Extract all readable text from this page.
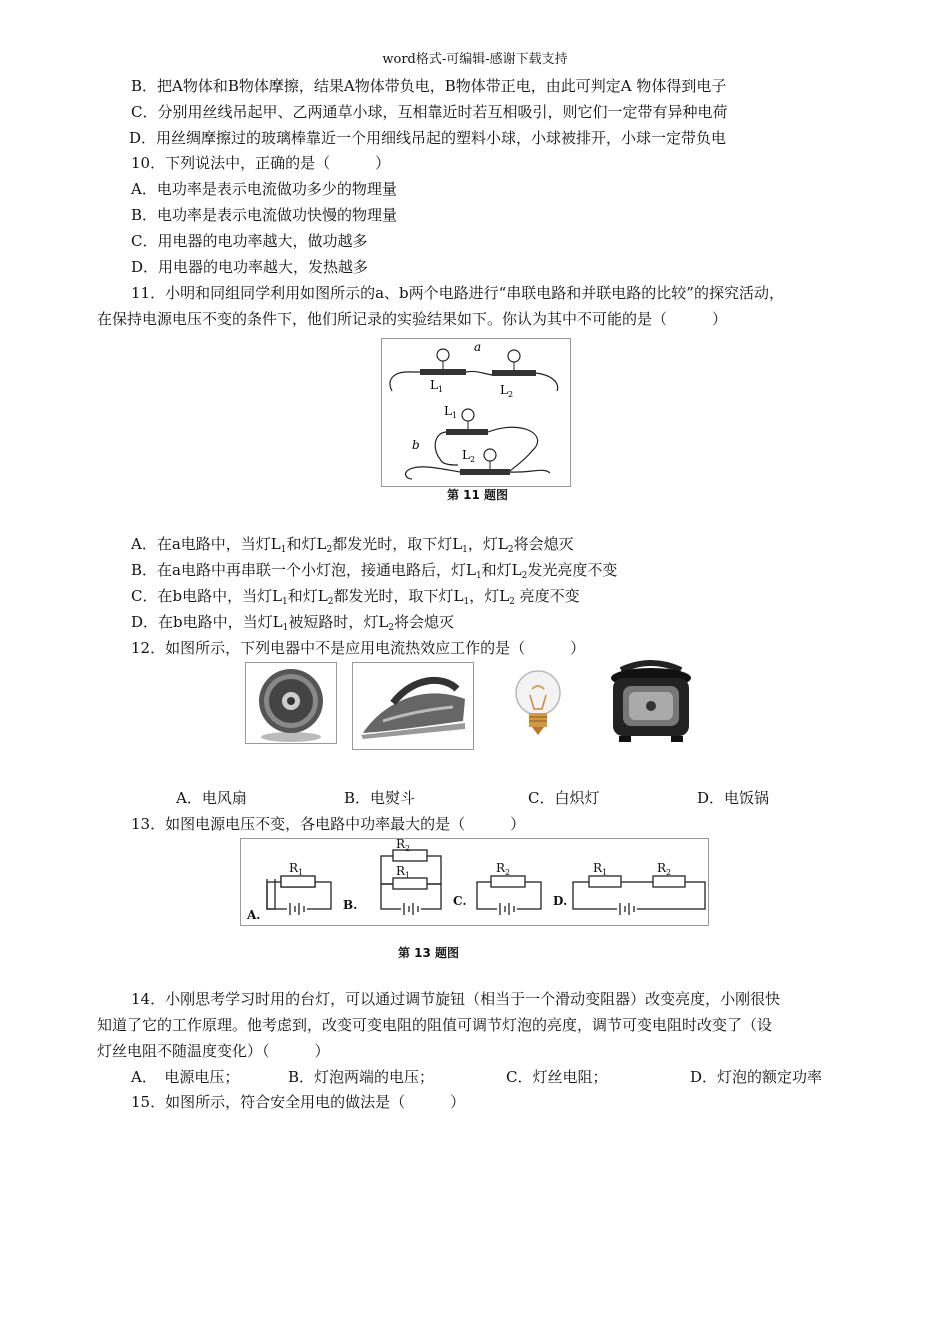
word格式-可编辑-感谢下载支持
B．把A物体和B物体摩擦，结果A物体带负电，B物体带正电，由此可判定A 物体得到电子
C．分别用丝线吊起甲、乙两通草小球，互相靠近时若互相吸引，则它们一定带有异种电荷
D．用丝绸摩擦过的玻璃棒靠近一个用细线吊起的塑料小球，小球被排开，小球一定带负电
10．下列说法中，正确的是（　　　）
A．电功率是表示电流做功多少的物理量
B．电功率是表示电流做功快慢的物理量
C．用电器的电功率越大，做功越多
D．用电器的电功率越大，发热越多
11．小明和同组同学利用如图所示的a、b两个电路进行“串联电路和并联电路的比较”的探究活动，
在保持电源电压不变的条件下，他们所记录的实验结果如下。你认为其中不可能的是（　　　）
a
$L_1$	$L_2$
$L_1$
$L_2$
b
第 11 题图
A．在a电路中，当灯$L_1$和灯$L_2$都发光时，取下灯$L_1$，灯$L_2$将会熄灭
B．在a电路中再串联一个小灯泡，接通电路后，灯$L_1$和灯$L_2$发光亮度不变
C．在b电路中，当灯$L_1$和灯$L_2$都发光时，取下灯$L_1$，灯$L_2$ 亮度不变
D．在b电路中，当灯$L_1$被短路时，灯$L_2$将会熄灭
12．如图所示，下列电器中不是应用电流热效应工作的是（　　　）
A．电风扇	B．电熨斗	C．白炽灯	D．电饭锅
13．如图电源电压不变，各电路中功率最大的是（　　　）
A.
B.	C.	D.
$R_1$
$R_2$
$R_1$
$R_2$	$R_1$	$R_2$
第 13 题图
14．小刚思考学习时用的台灯，可以通过调节旋钮（相当于一个滑动变阻器）改变亮度，小刚很快
知道了它的工作原理。他考虑到，改变可变电阻的阻值可调节灯泡的亮度，调节可变电阻时改变了（设
灯丝电阻不随温度变化）（　　　）
A．　电源电压；	B．灯泡两端的电压；	C．灯丝电阻；	D．灯泡的额定功率
15．如图所示，符合安全用电的做法是（　　　）
